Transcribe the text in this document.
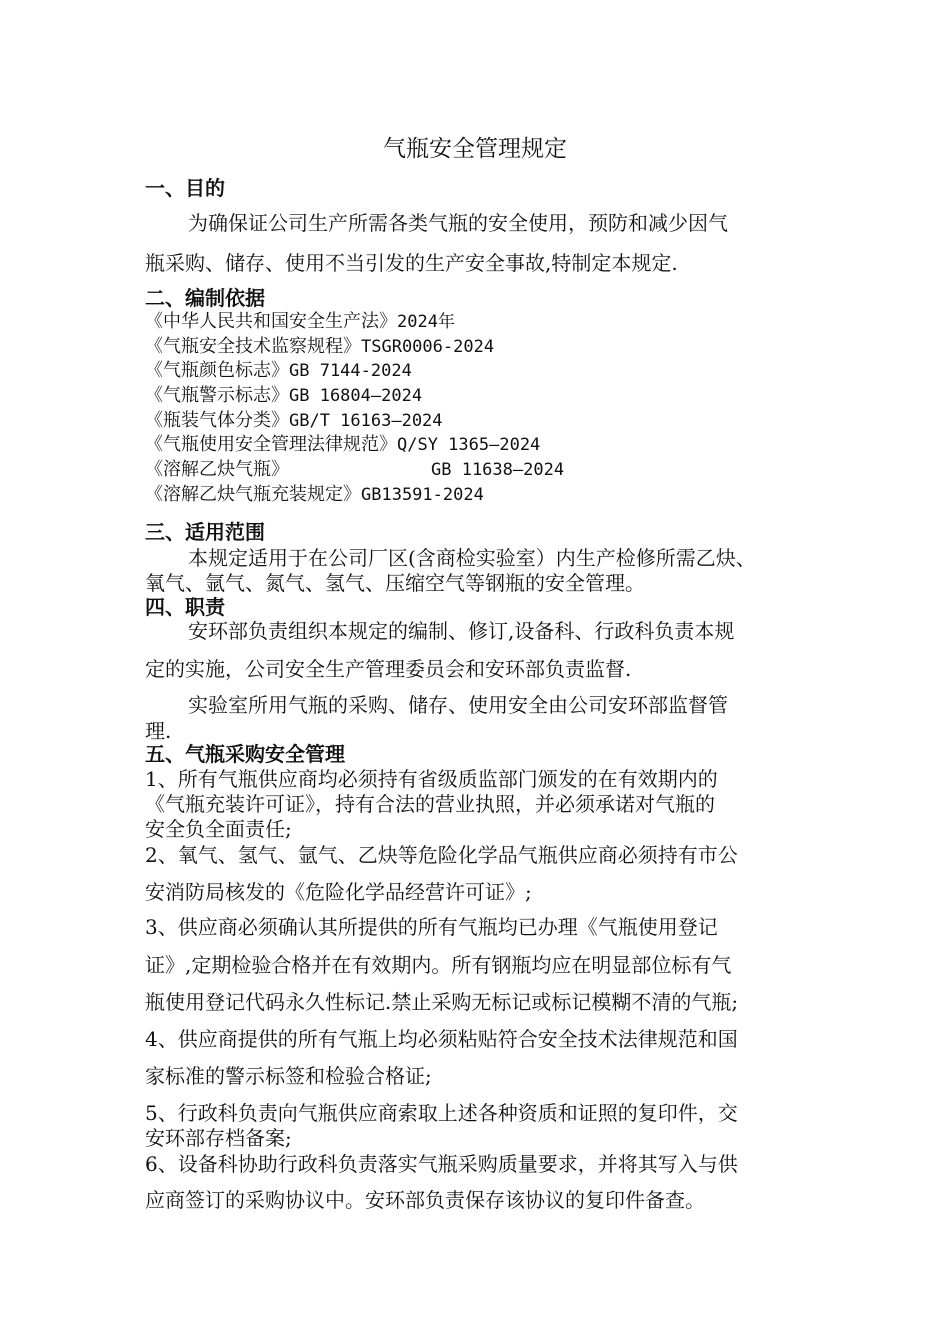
气瓶安全管理规定
一、目的
为确保证公司生产所需各类气瓶的安全使用，预防和减少因气
瓶采购、储存、使用不当引发的生产安全事故,特制定本规定.
二、编制依据
《中华人民共和国安全生产法》2024年
《气瓶安全技术监察规程》TSGR0006-2024
《气瓶颜色标志》GB 7144-2024
《气瓶警示标志》GB 16804—2024
《瓶装气体分类》GB/T 16163—2024
《气瓶使用安全管理法律规范》Q/SY 1365—2024
《溶解乙炔气瓶》	GB 11638—2024
《溶解乙炔气瓶充装规定》GB13591-2024
三、适用范围
本规定适用于在公司厂区(含商检实验室）内生产检修所需乙炔、
氧气、氩气、氮气、氢气、压缩空气等钢瓶的安全管理。
四、职责
安环部负责组织本规定的编制、修订,设备科、行政科负责本规
定的实施，公司安全生产管理委员会和安环部负责监督.
实验室所用气瓶的采购、储存、使用安全由公司安环部监督管
理.
五、气瓶采购安全管理
1、所有气瓶供应商均必须持有省级质监部门颁发的在有效期内的
《气瓶充装许可证》，持有合法的营业执照，并必须承诺对气瓶的
安全负全面责任;
2、氧气、氢气、氩气、乙炔等危险化学品气瓶供应商必须持有市公
安消防局核发的《危险化学品经营许可证》;
3、供应商必须确认其所提供的所有气瓶均已办理《气瓶使用登记
证》,定期检验合格并在有效期内。所有钢瓶均应在明显部位标有气
瓶使用登记代码永久性标记.禁止采购无标记或标记模糊不清的气瓶;
4、供应商提供的所有气瓶上均必须粘贴符合安全技术法律规范和国
家标准的警示标签和检验合格证;
5、行政科负责向气瓶供应商索取上述各种资质和证照的复印件，交
安环部存档备案;
6、设备科协助行政科负责落实气瓶采购质量要求，并将其写入与供
应商签订的采购协议中。安环部负责保存该协议的复印件备查。
